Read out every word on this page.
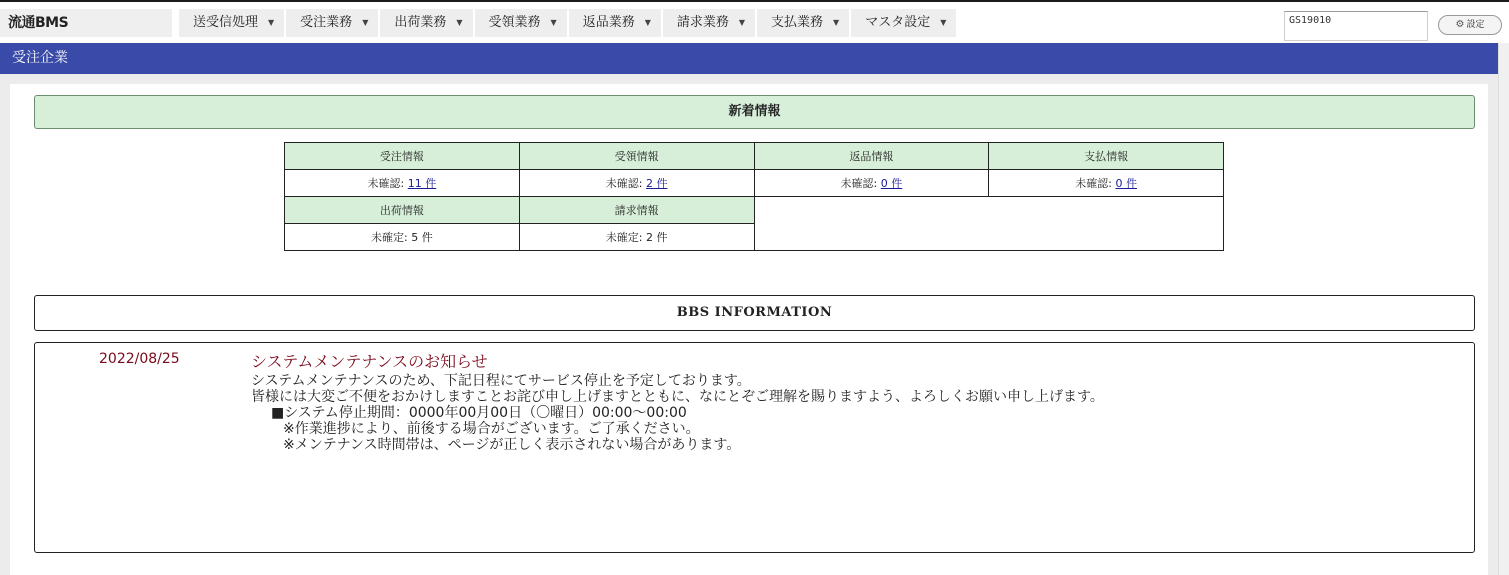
流通BMS	送受信処理 ▼ 受注業務 ▼ 出荷業務 ▼ 受領業務 ▼ 返品業務 ▼ 請求業務 ▼ 支払業務 ▼ マスタ設定 ▼	GS19010	⚙ 設定
受注企業
新着情報
受注情報	受領情報	返品情報	支払情報
未確認: 11 件	未確認: 2 件	未確認: 0 件	未確認: 0 件
出荷情報	請求情報		
未確定: 5 件	未確定: 2 件		
BBS INFORMATION
2022/08/25	システムメンテナンスのお知らせ
システムメンテナンスのため、下記日程にてサービス停止を予定しております。
皆様には大変ご不便をおかけしますことお詫び申し上げますとともに、なにとぞご理解を賜りますよう、よろしくお願い申し上げます。
■システム停止期間：0000年00月00日（〇曜日）00:00～00:00
※作業進捗により、前後する場合がございます。ご了承ください。
※メンテナンス時間帯は、ページが正しく表示されない場合があります。
